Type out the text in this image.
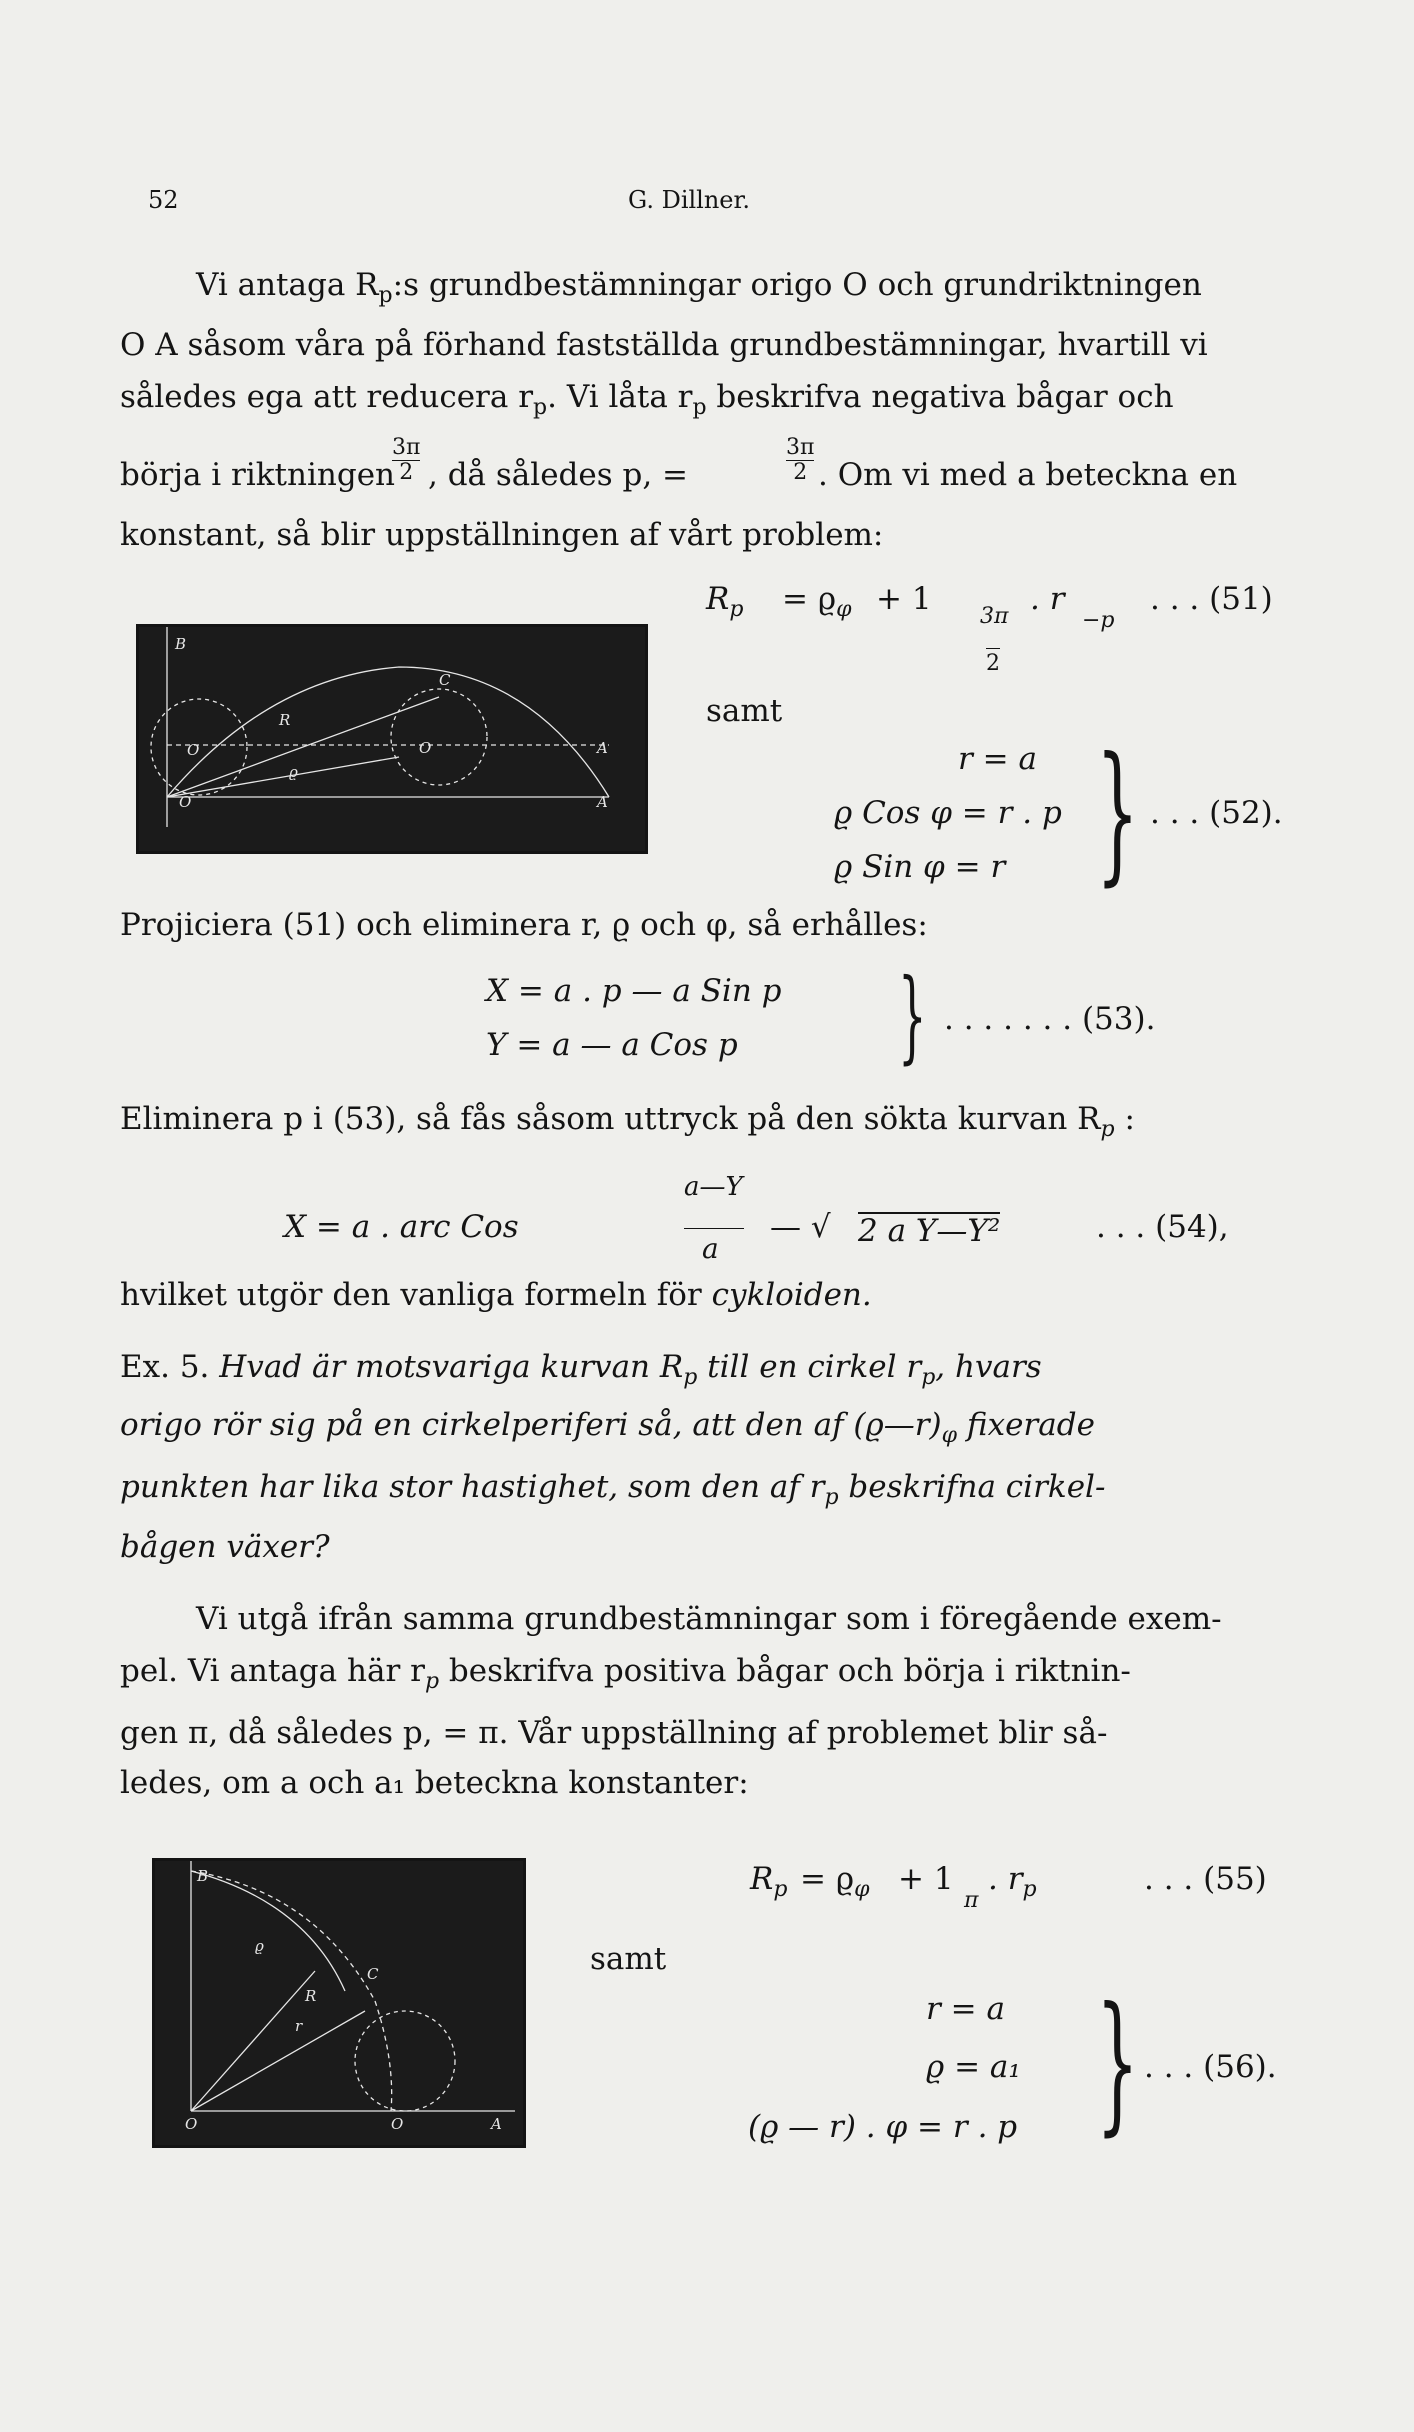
52	G. Dillner.
Vi antaga $R_p:s$ grundbestämningar origo O och grundriktningen
O A såsom våra på förhand fastställda grundbestämningar, hvartill vi
således ega att reducera $r_p$. Vi låta $r_p$ beskrifva negativa bågar och
börja i riktningen
3π
2 , då således p, =
3π
2 . Om vi med a beteckna en
konstant, så blir uppställningen af vårt problem:
B
C
R
ϱ
O	O	A
A
O
$R_p = ϱ_\varphi + 1$ 3π
2
. r
−p
. . . (51)
samt
r = a
ϱ Cos φ = r . p
ϱ Sin φ = r } . . . (52).
Projiciera (51) och eliminera r, ϱ och φ, så erhålles:
X = a . p — a Sin p
Y = a — a Cos p } . . . . . . . (53).
Eliminera p i (53), så fås såsom uttryck på den sökta kurvan $R_p$ :
X = a . arc Cos
a—Y
a
— √ 2 a Y—Y²	. . . (54),
hvilket utgör den vanliga formeln för cykloiden.
Ex. 5. Hvad är motsvariga kurvan $R_p$ till en cirkel $r_p$, hvars
origo rör sig på en cirkelperiferi så, att den af $(ϱ—r)_\varphi$ fixerade
punkten har lika stor hastighet, som den af $r_p$ beskrifna cirkel-
bågen växer?
Vi utgå ifrån samma grundbestämningar som i föregående exem-
pel. Vi antaga här $r_p$ beskrifva positiva bågar och börja i riktnin-
gen π, då således p, = π. Vår uppställning af problemet blir så-
ledes, om a och a₁ beteckna konstanter:
B
ϱ
C
R
r
O	O	A
$R_p = ϱ_\varphi + 1$
π
. $r_p$	. . . (55)
samt
r = a
ϱ = a₁
(ϱ — r) . φ = r . p } . . . (56).
